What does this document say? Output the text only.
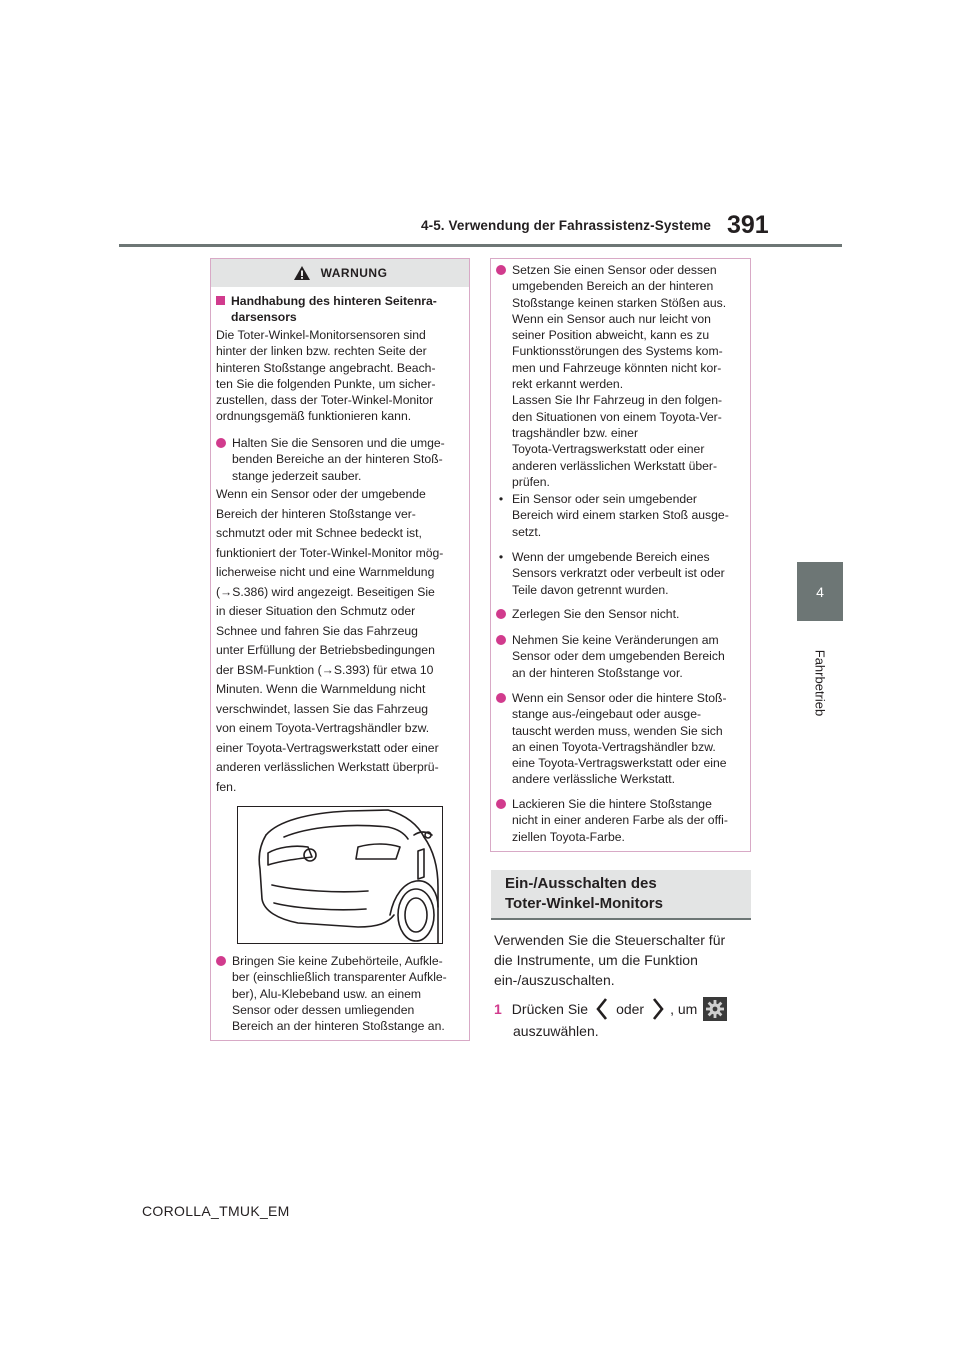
4-5. Verwendung der Fahrassistenz-Systeme 391
4
Fahrbetrieb
WARNUNG
Handhabung des hinteren Seitenra-
darsensors
Die Toter-Winkel-Monitorsensoren sind
hinter der linken bzw. rechten Seite der
hinteren Stoßstange angebracht. Beach-
ten Sie die folgenden Punkte, um sicher-
zustellen, dass der Toter-Winkel-Monitor
ordnungsgemäß funktionieren kann.
Halten Sie die Sensoren und die umge-
benden Bereiche an der hinteren Stoß-
stange jederzeit sauber.
Wenn ein Sensor oder der umgebende
Bereich der hinteren Stoßstange ver-
schmutzt oder mit Schnee bedeckt ist,
funktioniert der Toter-Winkel-Monitor mög-
licherweise nicht und eine Warnmeldung
(→S.386) wird angezeigt. Beseitigen Sie
in dieser Situation den Schmutz oder
Schnee und fahren Sie das Fahrzeug
unter Erfüllung der Betriebsbedingungen
der BSM-Funktion (→S.393) für etwa 10
Minuten. Wenn die Warnmeldung nicht
verschwindet, lassen Sie das Fahrzeug
von einem Toyota-Vertragshändler bzw.
einer Toyota-Vertragswerkstatt oder einer
anderen verlässlichen Werkstatt überprü-
fen.
Bringen Sie keine Zubehörteile, Aufkle-
ber (einschließlich transparenter Aufkle-
ber), Alu-Klebeband usw. an einem
Sensor oder dessen umliegenden
Bereich an der hinteren Stoßstange an.
Setzen Sie einen Sensor oder dessen
umgebenden Bereich an der hinteren
Stoßstange keinen starken Stößen aus.
Wenn ein Sensor auch nur leicht von
seiner Position abweicht, kann es zu
Funktionsstörungen des Systems kom-
men und Fahrzeuge könnten nicht kor-
rekt erkannt werden.
Lassen Sie Ihr Fahrzeug in den folgen-
den Situationen von einem Toyota-Ver-
tragshändler bzw. einer
Toyota-Vertragswerkstatt oder einer
anderen verlässlichen Werkstatt über-
prüfen.
• Ein Sensor oder sein umgebender
Bereich wird einem starken Stoß ausge-
setzt.
• Wenn der umgebende Bereich eines
Sensors verkratzt oder verbeult ist oder
Teile davon getrennt wurden.
Zerlegen Sie den Sensor nicht.
Nehmen Sie keine Veränderungen am
Sensor oder dem umgebenden Bereich
an der hinteren Stoßstange vor.
Wenn ein Sensor oder die hintere Stoß-
stange aus-/eingebaut oder ausge-
tauscht werden muss, wenden Sie sich
an einen Toyota-Vertragshändler bzw.
eine Toyota-Vertragswerkstatt oder eine
andere verlässliche Werkstatt.
Lackieren Sie die hintere Stoßstange
nicht in einer anderen Farbe als der offi-
ziellen Toyota-Farbe.
Ein-/Ausschalten des
Toter-Winkel-Monitors
Verwenden Sie die Steuerschalter für
die Instrumente, um die Funktion
ein-/auszuschalten.
1 Drücken Sie oder , um
auszuwählen.
COROLLA_TMUK_EM
